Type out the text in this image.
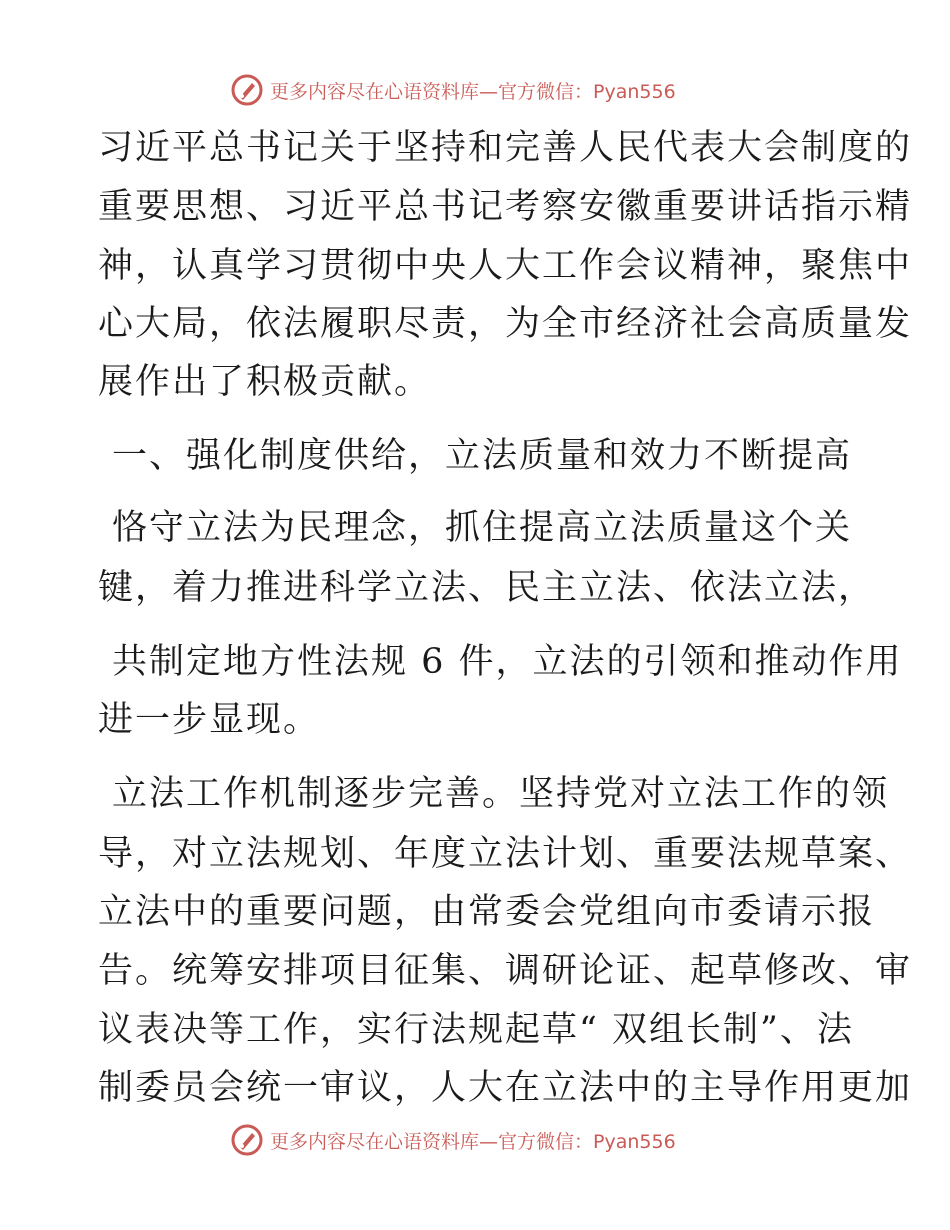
更多内容尽在心语资料库—官方微信：Pyan556
习近平总书记关于坚持和完善人民代表大会制度的
重要思想、习近平总书记考察安徽重要讲话指示精
神，认真学习贯彻中央人大工作会议精神，聚焦中
心大局，依法履职尽责，为全市经济社会高质量发
展作出了积极贡献。
一、强化制度供给，立法质量和效力不断提高
恪守立法为民理念，抓住提高立法质量这个关
键，着力推进科学立法、民主立法、依法立法，
共制定地方性法规 6 件，立法的引领和推动作用
进一步显现。
立法工作机制逐步完善。坚持党对立法工作的领
导，对立法规划、年度立法计划、重要法规草案、
立法中的重要问题，由常委会党组向市委请示报
告。统筹安排项目征集、调研论证、起草修改、审
议表决等工作，实行法规起草“ 双组长制”、法
制委员会统一审议，人大在立法中的主导作用更加
更多内容尽在心语资料库—官方微信：Pyan556
